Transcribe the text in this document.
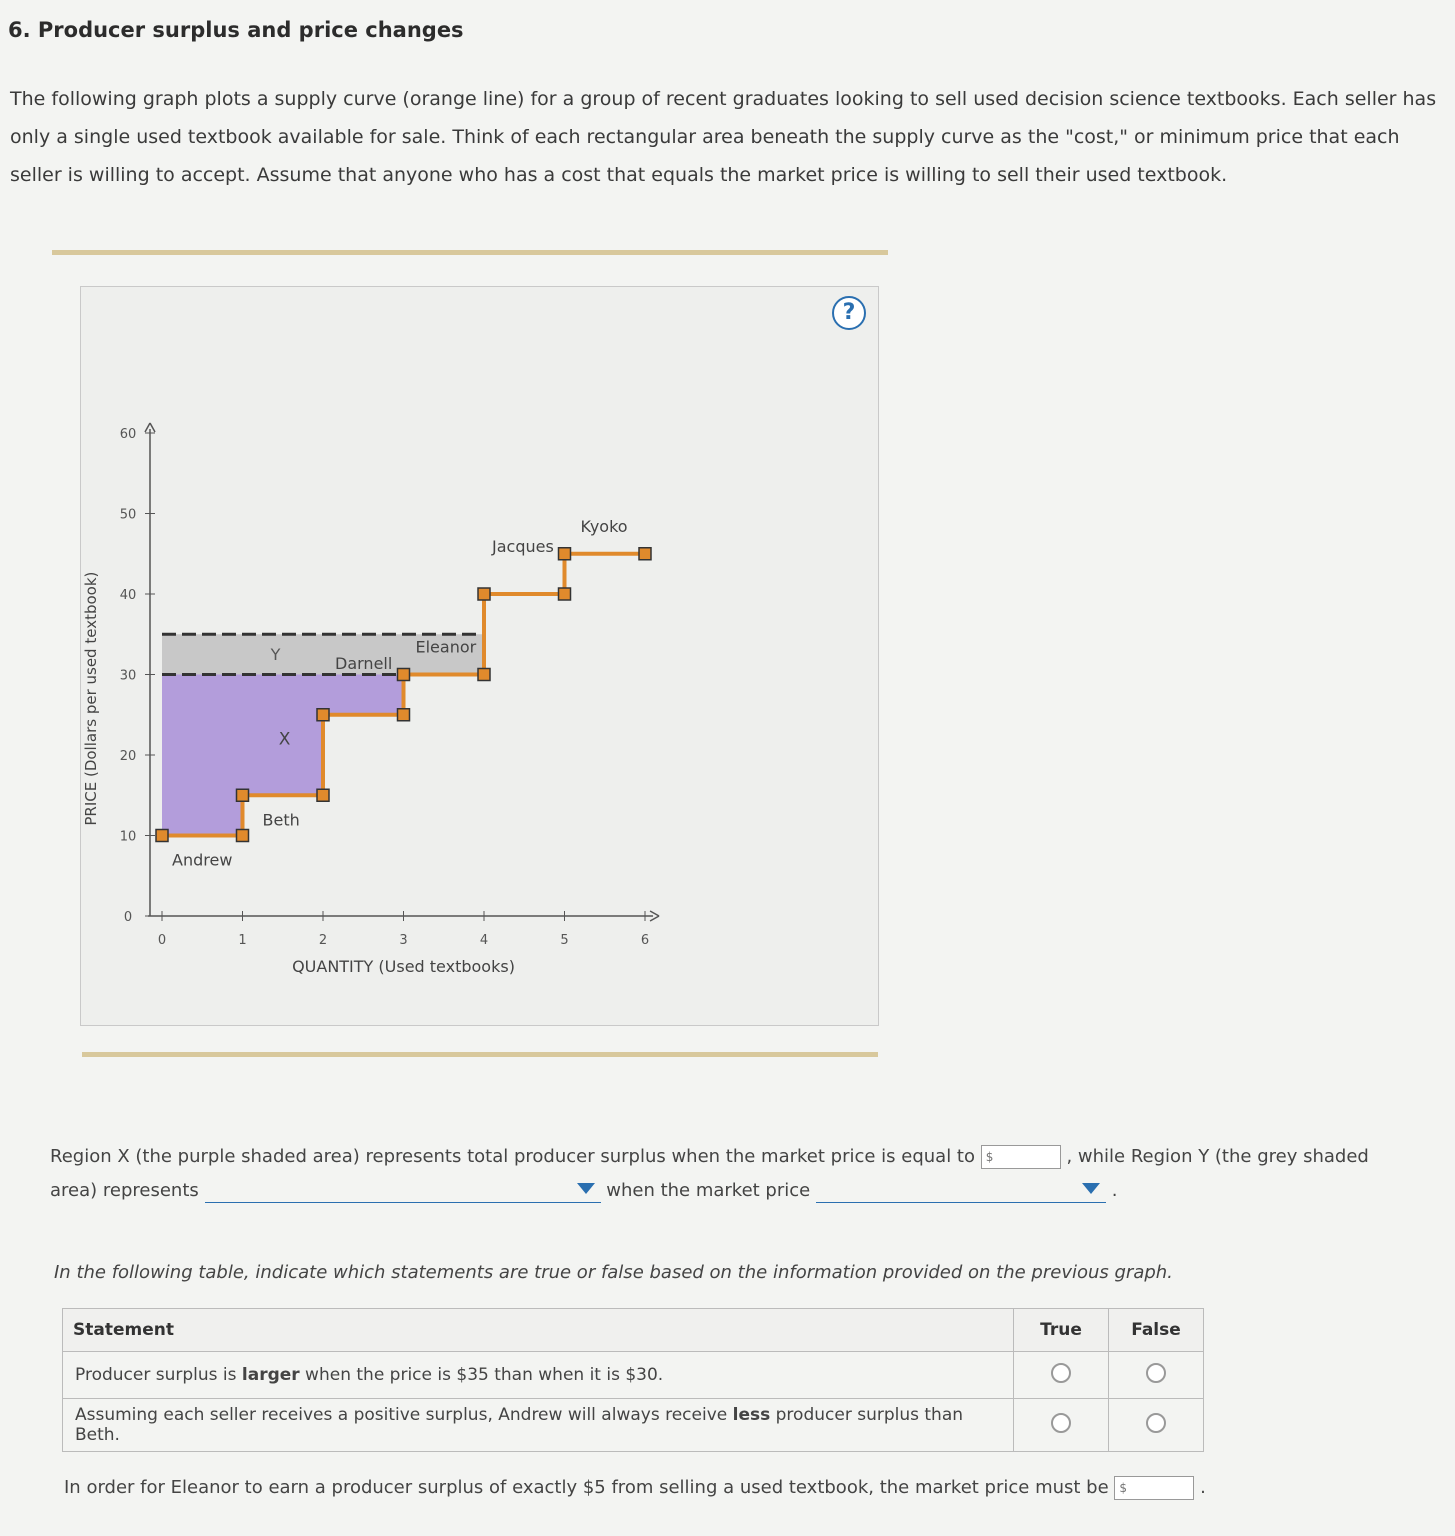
6. Producer surplus and price changes

The following graph plots a supply curve (orange line) for a group of recent graduates looking to sell used decision science textbooks. Each seller has only a single used textbook available for sale. Think of each rectangular area beneath the supply curve as the "cost," or minimum price that each seller is willing to accept. Assume that anyone who has a cost that equals the market price is willing to sell their used textbook.

?
0	1	2	3	4	5	6
0
10
20
30
40
50
60
QUANTITY (Used textbooks)
PRICE (Dollars per used textbook)
Andrew
Beth
Darnell
Eleanor
Jacques
Kyoko
X
Y

Region X (the purple shaded area) represents total producer surplus when the market price is equal to $	, while Region Y (the grey shaded area) represents	when the market price	.

In the following table, indicate which statements are true or false based on the information provided on the previous graph.

Statement	True	False
Producer surplus is larger when the price is $35 than when it is $30.		
Assuming each seller receives a positive surplus, Andrew will always receive less producer surplus than Beth.		

In order for Eleanor to earn a producer surplus of exactly $5 from selling a used textbook, the market price must be $	.
